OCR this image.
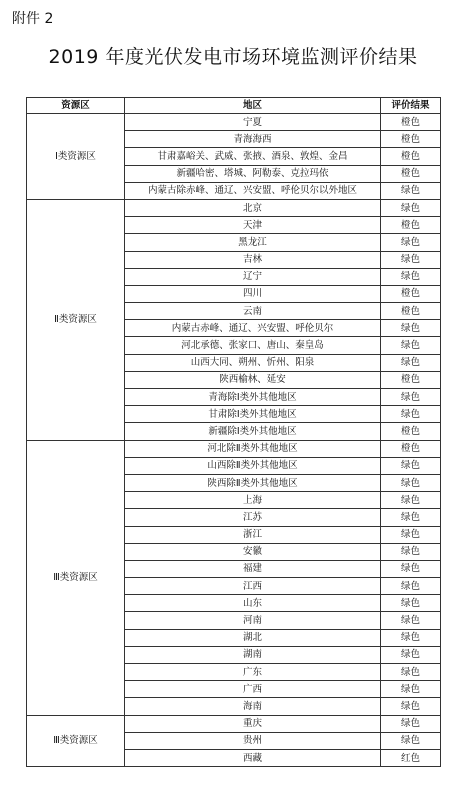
附件 2
2019 年度光伏发电市场环境监测评价结果
资源区	地区	评价结果
Ⅰ类资源区	宁夏	橙色
	青海海西	橙色
	甘肃嘉峪关、武威、张掖、酒泉、敦煌、金昌	橙色
	新疆哈密、塔城、阿勒泰、克拉玛依	橙色
	内蒙古除赤峰、通辽、兴安盟、呼伦贝尔以外地区	绿色
Ⅱ类资源区	北京	绿色
	天津	橙色
	黑龙江	绿色
	吉林	绿色
	辽宁	绿色
	四川	橙色
	云南	橙色
	内蒙古赤峰、通辽、兴安盟、呼伦贝尔	绿色
	河北承德、张家口、唐山、秦皇岛	绿色
	山西大同、朔州、忻州、阳泉	绿色
	陕西榆林、延安	橙色
	青海除Ⅰ类外其他地区	绿色
	甘肃除Ⅰ类外其他地区	绿色
	新疆除Ⅰ类外其他地区	橙色
Ⅲ类资源区	河北除Ⅱ类外其他地区	橙色
	山西除Ⅱ类外其他地区	绿色
	陕西除Ⅱ类外其他地区	绿色
	上海	绿色
	江苏	绿色
	浙江	绿色
	安徽	绿色
	福建	绿色
	江西	绿色
	山东	绿色
	河南	绿色
	湖北	绿色
	湖南	绿色
	广东	绿色
	广西	绿色
	海南	绿色
Ⅲ类资源区	重庆	绿色
	贵州	绿色
	西藏	红色
